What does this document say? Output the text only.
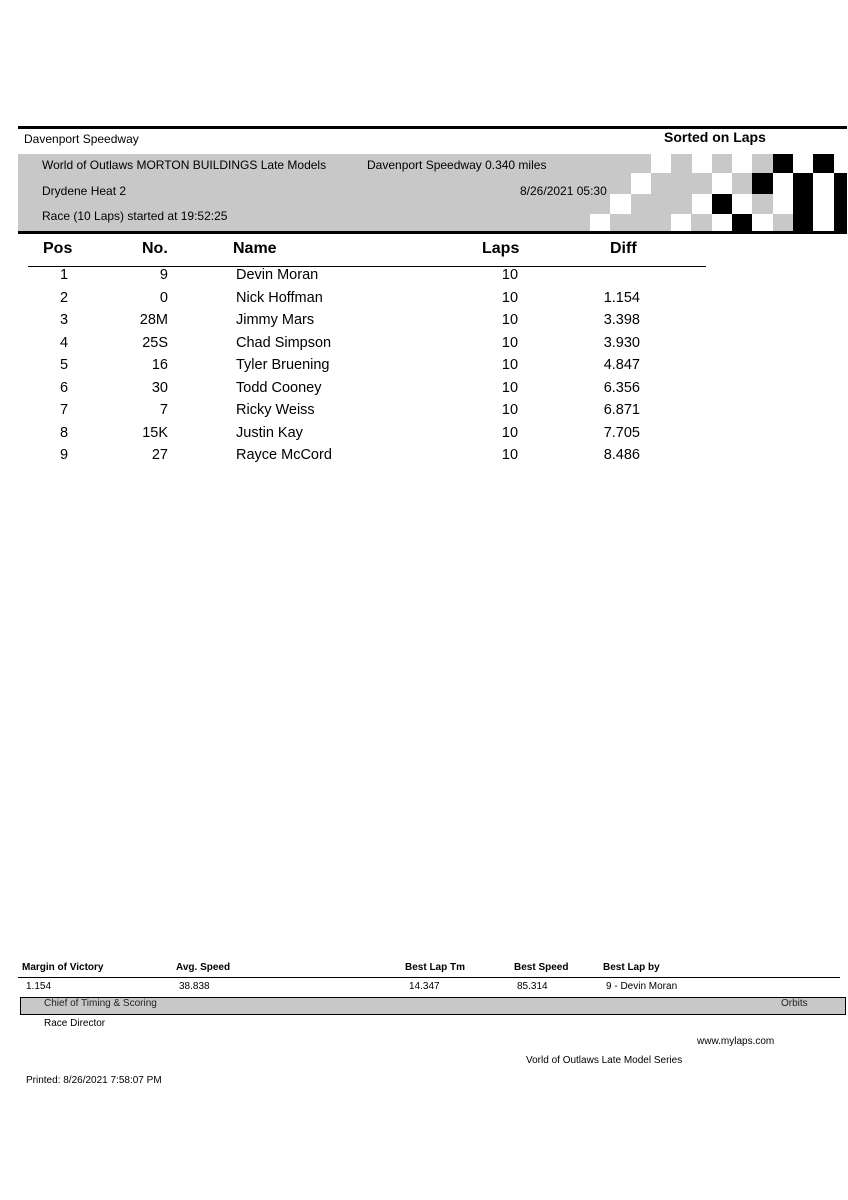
Davenport Speedway	Sorted on Laps
World of Outlaws MORTON BUILDINGS Late Models	Davenport Speedway 0.340 miles
Drydene Heat 2	8/26/2021 05:30
Race (10 Laps) started at 19:52:25
Pos	No.	Name	Laps	Diff
1	9	Devin Moran	10
2	0	Nick Hoffman	10	1.154
3	28M	Jimmy Mars	10	3.398
4	25S	Chad Simpson	10	3.930
5	16	Tyler Bruening	10	4.847
6	30	Todd Cooney	10	6.356
7	7	Ricky Weiss	10	6.871
8	15K	Justin Kay	10	7.705
9	27	Rayce McCord	10	8.486
Margin of Victory	Avg. Speed	Best Lap Tm	Best Speed	Best Lap by
1.154	38.838	14.347	85.314	9 - Devin Moran
Chief of Timing & Scoring	Orbits
Race Director
www.mylaps.com
Vorld of Outlaws Late Model Series
Printed: 8/26/2021 7:58:07 PM
